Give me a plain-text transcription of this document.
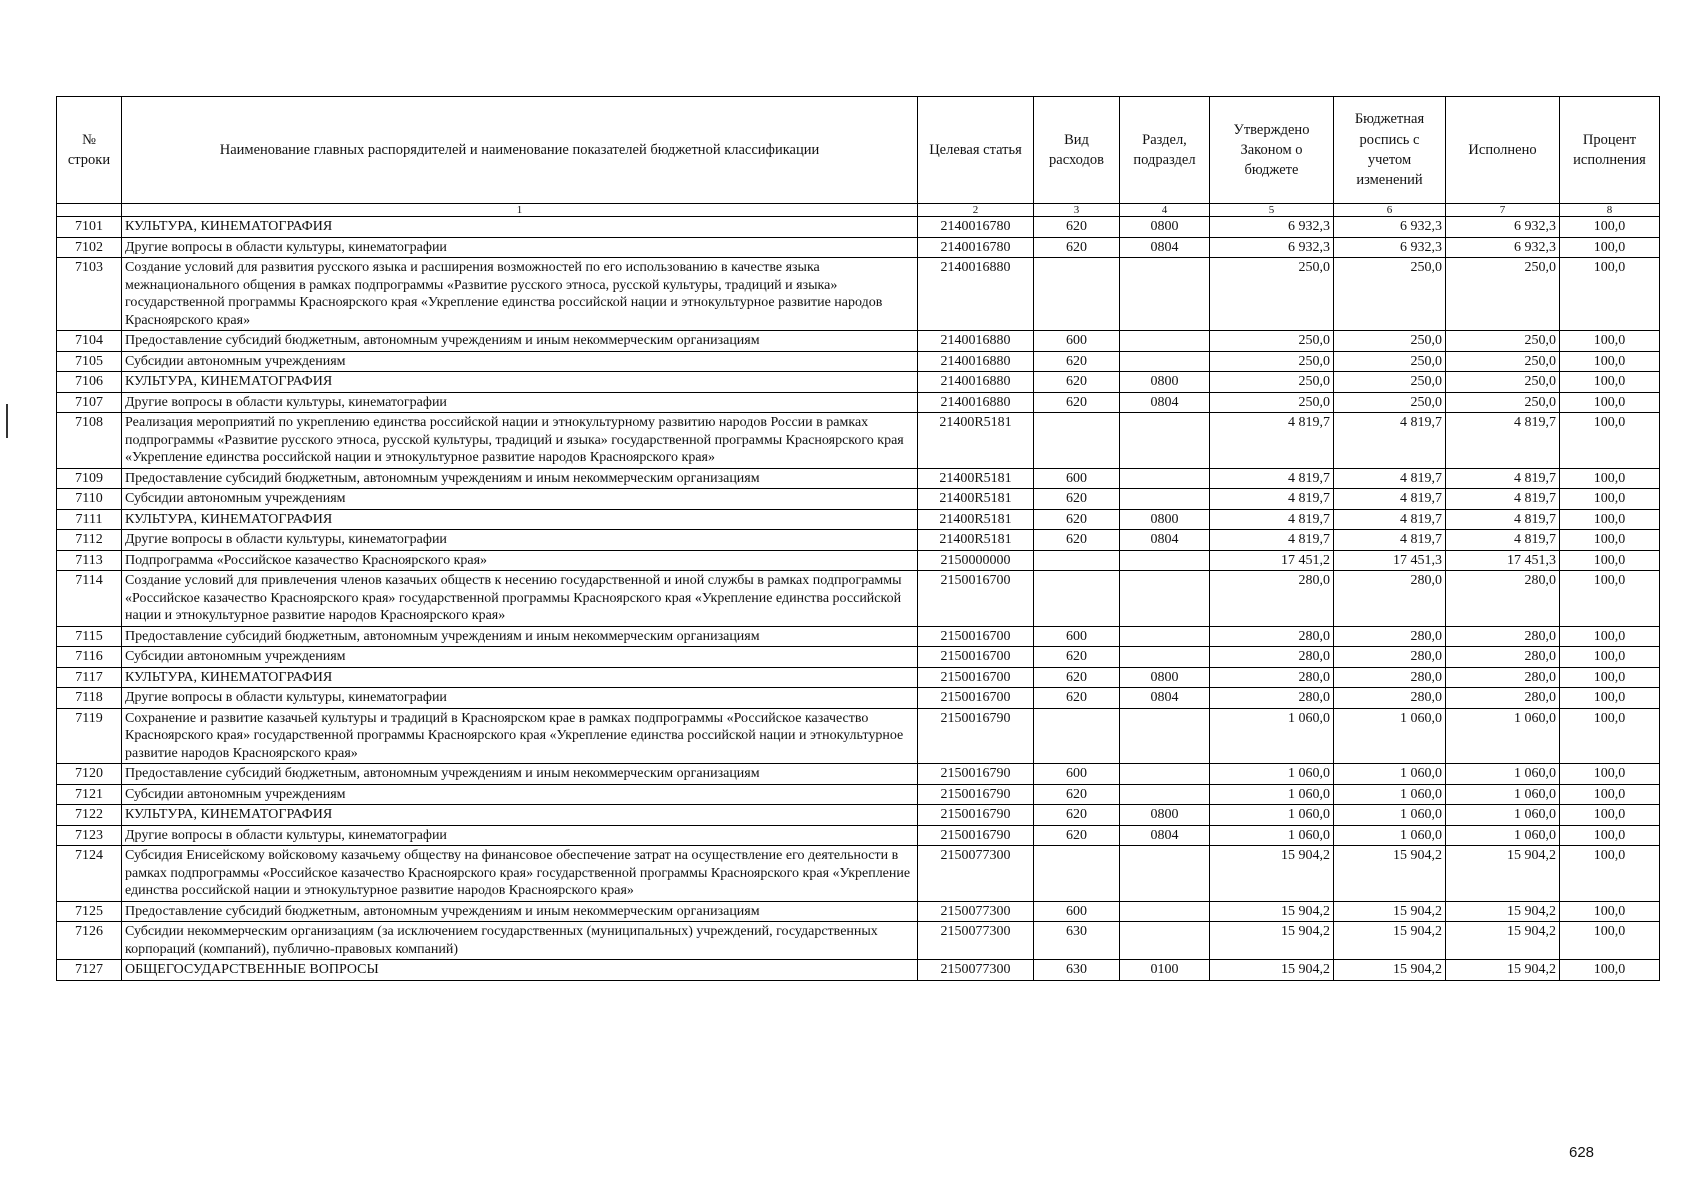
№ строки	Наименование главных распорядителей и наименование показателей бюджетной классификации	Целевая статья	Вид расходов	Раздел, подраздел	Утверждено Законом о бюджете	Бюджетная роспись с учетом изменений	Исполнено	Процент исполнения
	1	2	3	4	5	6	7	8
7101	КУЛЬТУРА, КИНЕМАТОГРАФИЯ	2140016780	620	0800	6 932,3	6 932,3	6 932,3	100,0
7102	Другие вопросы в области культуры, кинематографии	2140016780	620	0804	6 932,3	6 932,3	6 932,3	100,0
7103	Создание условий для развития русского языка и расширения возможностей по его использованию в качестве языка межнационального общения в рамках подпрограммы «Развитие русского этноса, русской культуры, традиций и языка» государственной программы Красноярского края «Укрепление единства российской нации и этнокультурное развитие народов Красноярского края»	2140016880			250,0	250,0	250,0	100,0
7104	Предоставление субсидий бюджетным, автономным учреждениям и иным некоммерческим организациям	2140016880	600		250,0	250,0	250,0	100,0
7105	Субсидии автономным учреждениям	2140016880	620		250,0	250,0	250,0	100,0
7106	КУЛЬТУРА, КИНЕМАТОГРАФИЯ	2140016880	620	0800	250,0	250,0	250,0	100,0
7107	Другие вопросы в области культуры, кинематографии	2140016880	620	0804	250,0	250,0	250,0	100,0
7108	Реализация мероприятий по укреплению единства российской нации и этнокультурному развитию народов России в рамках подпрограммы «Развитие русского этноса, русской культуры, традиций и языка» государственной программы Красноярского края «Укрепление единства российской нации и этнокультурное развитие народов Красноярского края»	21400R5181			4 819,7	4 819,7	4 819,7	100,0
7109	Предоставление субсидий бюджетным, автономным учреждениям и иным некоммерческим организациям	21400R5181	600		4 819,7	4 819,7	4 819,7	100,0
7110	Субсидии автономным учреждениям	21400R5181	620		4 819,7	4 819,7	4 819,7	100,0
7111	КУЛЬТУРА, КИНЕМАТОГРАФИЯ	21400R5181	620	0800	4 819,7	4 819,7	4 819,7	100,0
7112	Другие вопросы в области культуры, кинематографии	21400R5181	620	0804	4 819,7	4 819,7	4 819,7	100,0
7113	Подпрограмма «Российское казачество Красноярского края»	2150000000			17 451,2	17 451,3	17 451,3	100,0
7114	Создание условий для привлечения членов казачьих обществ к несению государственной и иной службы в рамках подпрограммы «Российское казачество Красноярского края» государственной программы Красноярского края «Укрепление единства российской нации и этнокультурное развитие народов Красноярского края»	2150016700			280,0	280,0	280,0	100,0
7115	Предоставление субсидий бюджетным, автономным учреждениям и иным некоммерческим организациям	2150016700	600		280,0	280,0	280,0	100,0
7116	Субсидии автономным учреждениям	2150016700	620		280,0	280,0	280,0	100,0
7117	КУЛЬТУРА, КИНЕМАТОГРАФИЯ	2150016700	620	0800	280,0	280,0	280,0	100,0
7118	Другие вопросы в области культуры, кинематографии	2150016700	620	0804	280,0	280,0	280,0	100,0
7119	Сохранение и развитие казачьей культуры и традиций в Красноярском крае в рамках подпрограммы «Российское казачество Красноярского края» государственной программы Красноярского края «Укрепление единства российской нации и этнокультурное развитие народов Красноярского края»	2150016790			1 060,0	1 060,0	1 060,0	100,0
7120	Предоставление субсидий бюджетным, автономным учреждениям и иным некоммерческим организациям	2150016790	600		1 060,0	1 060,0	1 060,0	100,0
7121	Субсидии автономным учреждениям	2150016790	620		1 060,0	1 060,0	1 060,0	100,0
7122	КУЛЬТУРА, КИНЕМАТОГРАФИЯ	2150016790	620	0800	1 060,0	1 060,0	1 060,0	100,0
7123	Другие вопросы в области культуры, кинематографии	2150016790	620	0804	1 060,0	1 060,0	1 060,0	100,0
7124	Субсидия Енисейскому войсковому казачьему обществу на финансовое обеспечение затрат на осуществление его деятельности в рамках подпрограммы «Российское казачество Красноярского края» государственной программы Красноярского края «Укрепление единства российской нации и этнокультурное развитие народов Красноярского края»	2150077300			15 904,2	15 904,2	15 904,2	100,0
7125	Предоставление субсидий бюджетным, автономным учреждениям и иным некоммерческим организациям	2150077300	600		15 904,2	15 904,2	15 904,2	100,0
7126	Субсидии некоммерческим организациям (за исключением государственных (муниципальных) учреждений, государственных корпораций (компаний), публично-правовых компаний)	2150077300	630		15 904,2	15 904,2	15 904,2	100,0
7127	ОБЩЕГОСУДАРСТВЕННЫЕ ВОПРОСЫ	2150077300	630	0100	15 904,2	15 904,2	15 904,2	100,0
628
